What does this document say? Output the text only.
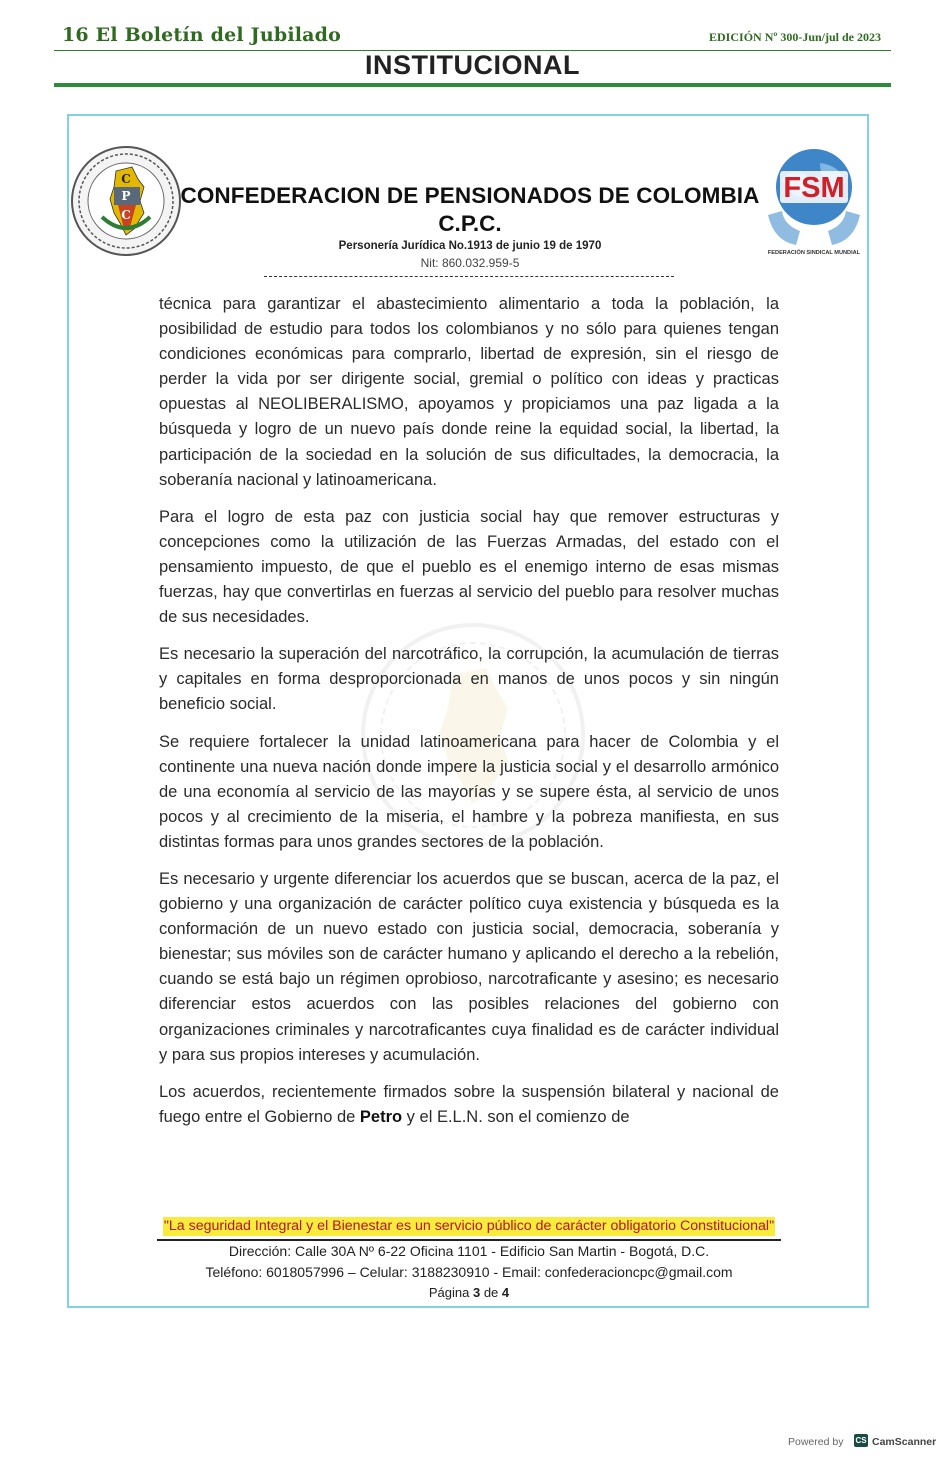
16 El Boletín del Jubilado	EDICIÓN Nº 300-Jun/jul de 2023
INSTITUCIONAL
C
P
C
FSM
FEDERACIÓN SINDICAL MUNDIAL
CONFEDERACION DE PENSIONADOS DE COLOMBIA
C.P.C.
Personería Jurídica No.1913 de junio 19 de 1970
Nit: 860.032.959-5

técnica para garantizar el abastecimiento alimentario a toda la población, la posibilidad de estudio para todos los colombianos y no sólo para quienes tengan condiciones económicas para comprarlo, libertad de expresión, sin el riesgo de perder la vida por ser dirigente social, gremial o político con ideas y practicas opuestas al NEOLIBERALISMO, apoyamos y propiciamos una paz ligada a la búsqueda y logro de un nuevo país donde reine la equidad social, la libertad, la participación de la sociedad en la solución de sus dificultades, la democracia, la soberanía nacional y latinoamericana.

Para el logro de esta paz con justicia social hay que remover estructuras y concepciones como la utilización de las Fuerzas Armadas, del estado con el pensamiento impuesto, de que el pueblo es el enemigo interno de esas mismas fuerzas, hay que convertirlas en fuerzas al servicio del pueblo para resolver muchas de sus necesidades.

Es necesario la superación del narcotráfico, la corrupción, la acumulación de tierras y capitales en forma desproporcionada en manos de unos pocos y sin ningún beneficio social.

Se requiere fortalecer la unidad latinoamericana para hacer de Colombia y el continente una nueva nación donde impere la justicia social y el desarrollo armónico de una economía al servicio de las mayorías y se supere ésta, al servicio de unos pocos y al crecimiento de la miseria, el hambre y la pobreza manifiesta, en sus distintas formas para unos grandes sectores de la población.

Es necesario y urgente diferenciar los acuerdos que se buscan, acerca de la paz, el gobierno y una organización de carácter político cuya existencia y búsqueda es la conformación de un nuevo estado con justicia social, democracia, soberanía y bienestar; sus móviles son de carácter humano y aplicando el derecho a la rebelión, cuando se está bajo un régimen oprobioso, narcotraficante y asesino; es necesario diferenciar estos acuerdos con las posibles relaciones del gobierno con organizaciones criminales y narcotraficantes cuya finalidad es de carácter individual y para sus propios intereses y acumulación.

Los acuerdos, recientemente firmados sobre la suspensión bilateral y nacional de fuego entre el Gobierno de Petro y el E.L.N. son el comienzo de

"La seguridad Integral y el Bienestar es un servicio público de carácter obligatorio Constitucional"
Dirección: Calle 30A Nº 6-22 Oficina 1101 - Edificio San Martin - Bogotá, D.C.
Teléfono: 6018057996 – Celular: 3188230910 - Email: confederacioncpc@gmail.com
Página 3 de 4
Powered by CS CamScanner
